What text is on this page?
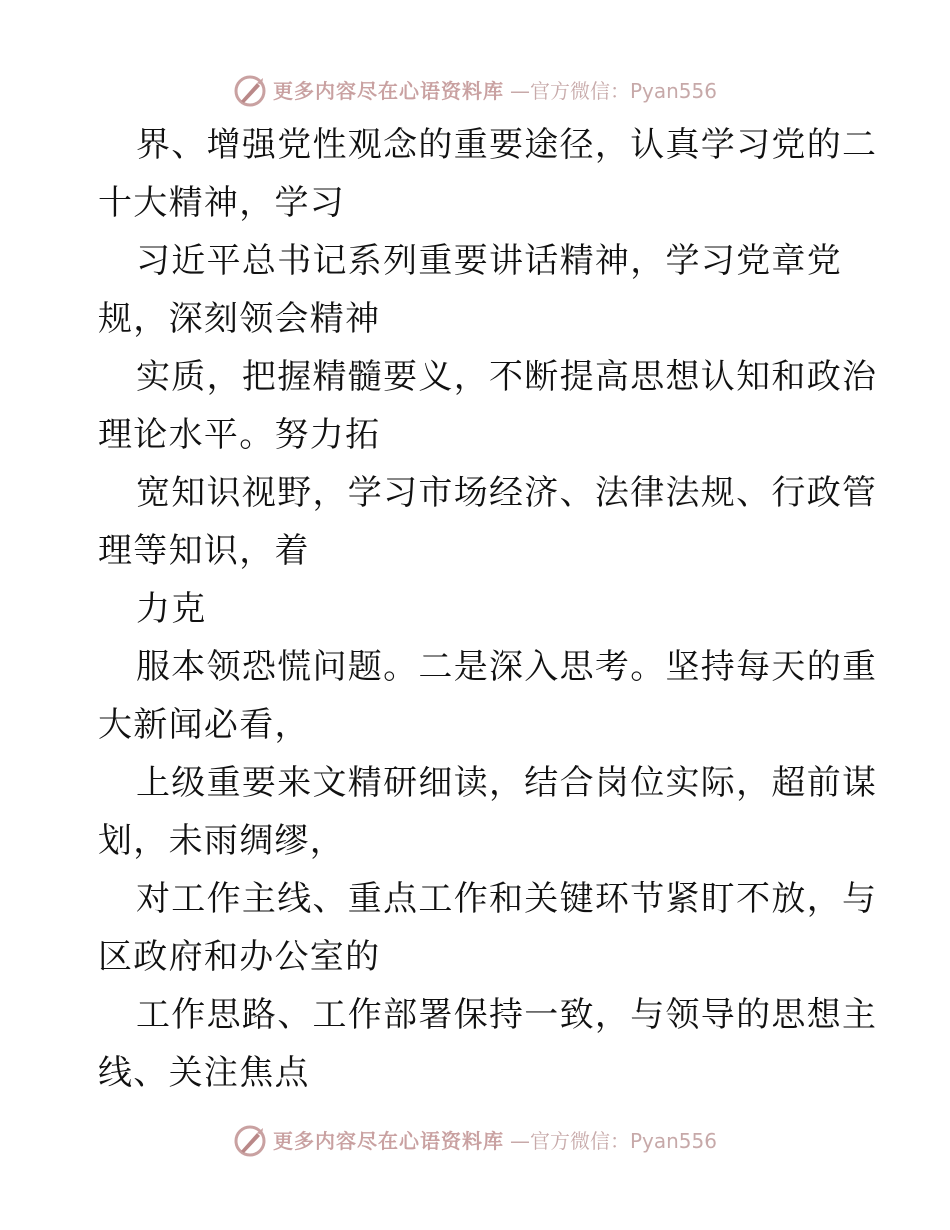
更多内容尽在心语资料库 —官方微信：Pyan556

界、增强党性观念的重要途径，认真学习党的二

十大精神，学习

习近平总书记系列重要讲话精神，学习党章党

规，深刻领会精神

实质，把握精髓要义，不断提高思想认知和政治

理论水平。努力拓

宽知识视野，学习市场经济、法律法规、行政管

理等知识，着

力克

服本领恐慌问题。二是深入思考。坚持每天的重

大新闻必看，

上级重要来文精研细读，结合岗位实际，超前谋

划，未雨绸缪，

对工作主线、重点工作和关键环节紧盯不放，与

区政府和办公室的

工作思路、工作部署保持一致，与领导的思想主

线、关注焦点

更多内容尽在心语资料库 —官方微信：Pyan556
